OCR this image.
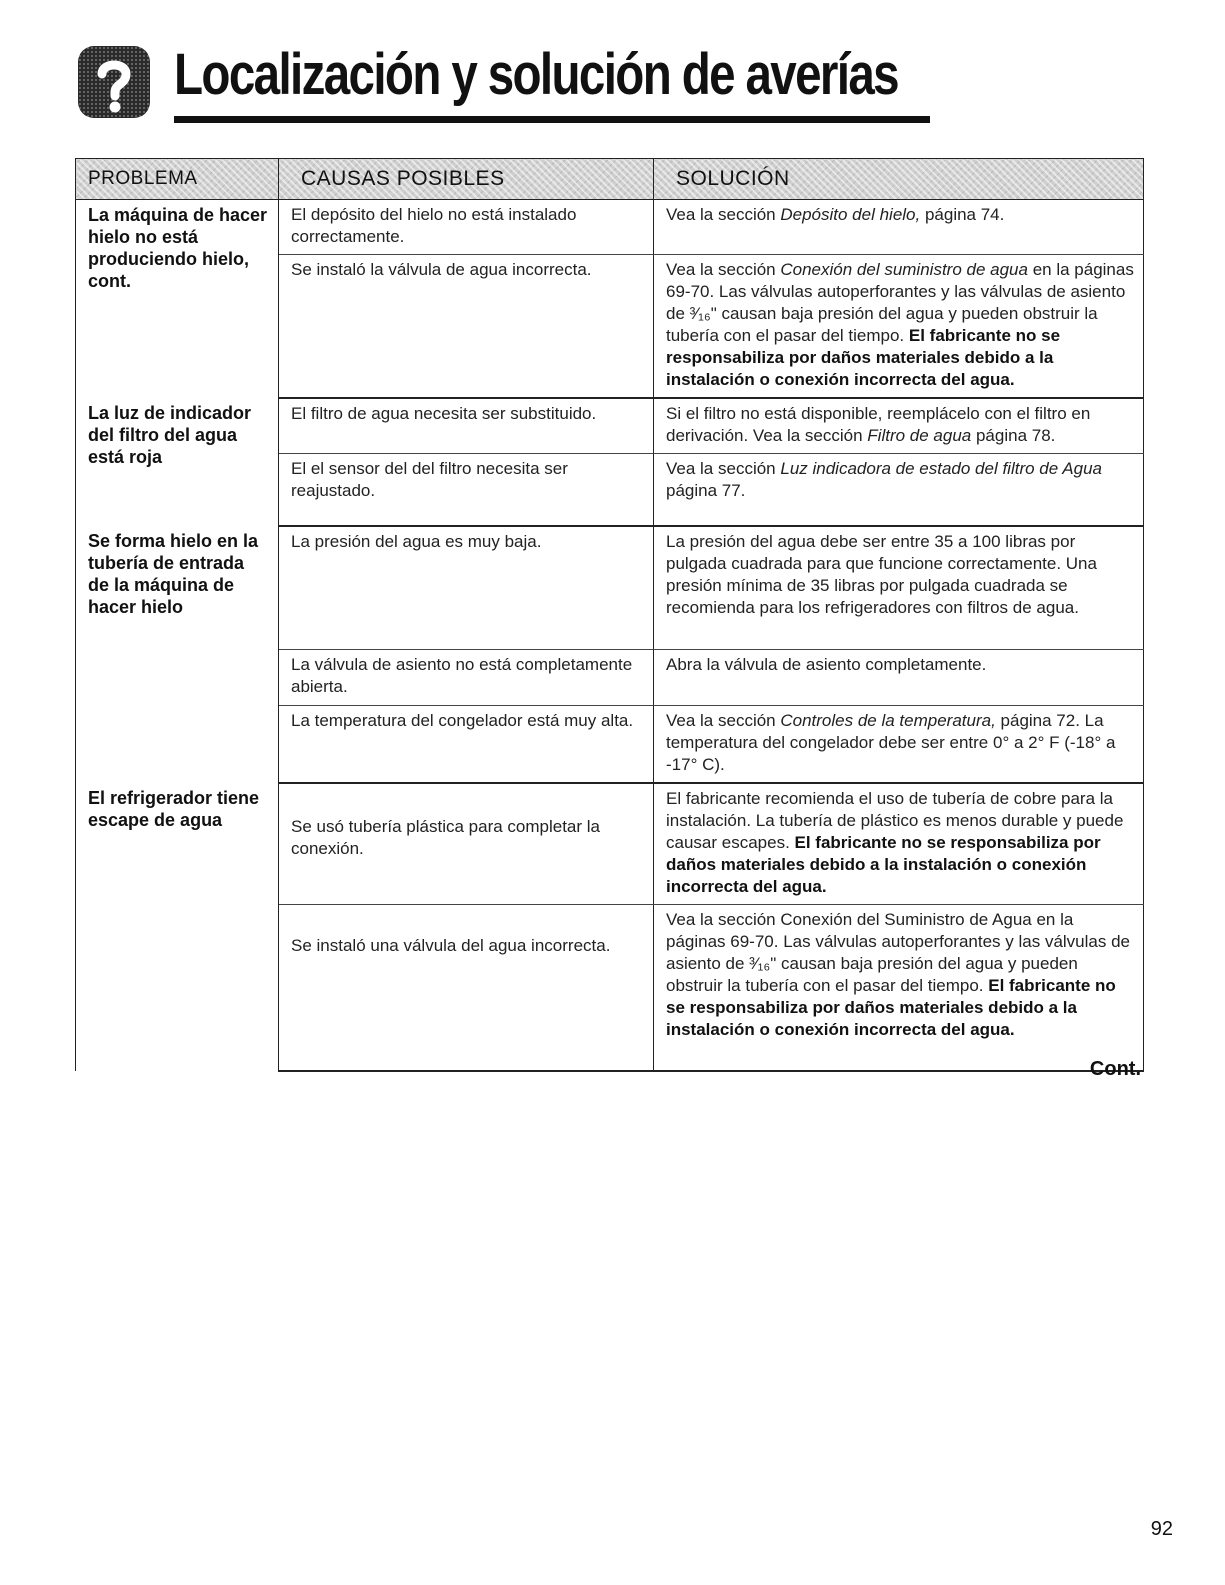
Localización y solución de averías
PROBLEMA	CAUSAS POSIBLES	SOLUCIÓN
La máquina de hacer hielo no está produciendo hielo, cont.	El depósito del hielo no está instalado correctamente.	Vea la sección Depósito del hielo, página 74.
	Se instaló la válvula de agua incorrecta.	Vea la sección Conexión del suministro de agua en la páginas 69-70. Las válvulas autoperforantes y las válvulas de asiento de ³⁄₁₆" causan baja presión del agua y pueden obstruir la tubería con el pasar del tiempo. El fabricante no se responsabiliza por daños materiales debido a la instalación o conexión incorrecta del agua.
La luz de indicador del filtro del agua está roja	El filtro de agua necesita ser substituido.	Si el filtro no está disponible, reemplácelo con el filtro en derivación. Vea la sección Filtro de agua página 78.
	El el sensor del del filtro necesita ser reajustado.	Vea la sección Luz indicadora de estado del filtro de Agua página 77.
Se forma hielo en la tubería de entrada de la máquina de hacer hielo	La presión del agua es muy baja.	La presión del agua debe ser entre 35 a 100 libras por pulgada cuadrada para que funcione correctamente. Una presión mínima de 35 libras por pulgada cuadrada se recomienda para los refrigeradores con filtros de agua.
	La válvula de asiento no está completamente abierta.	Abra la válvula de asiento completamente.
	La temperatura del congelador está muy alta.	Vea la sección Controles de la temperatura, página 72. La temperatura del congelador debe ser entre 0° a 2° F (-18° a -17° C).
El refrigerador tiene escape de agua	Se usó tubería plástica para completar la conexión.	El fabricante recomienda el uso de tubería de cobre para la instalación. La tubería de plástico es menos durable y puede causar escapes. El fabricante no se responsabiliza por daños materiales debido a la instalación o conexión incorrecta del agua.
	Se instaló una válvula del agua incorrecta.	Vea la sección Conexión del Suministro de Agua en la páginas 69-70. Las válvulas autoperforantes y las válvulas de asiento de ³⁄₁₆" causan baja presión del agua y pueden obstruir la tubería con el pasar del tiempo. El fabricante no se responsabiliza por daños materiales debido a la instalación o conexión incorrecta del agua.
Cont.
92
